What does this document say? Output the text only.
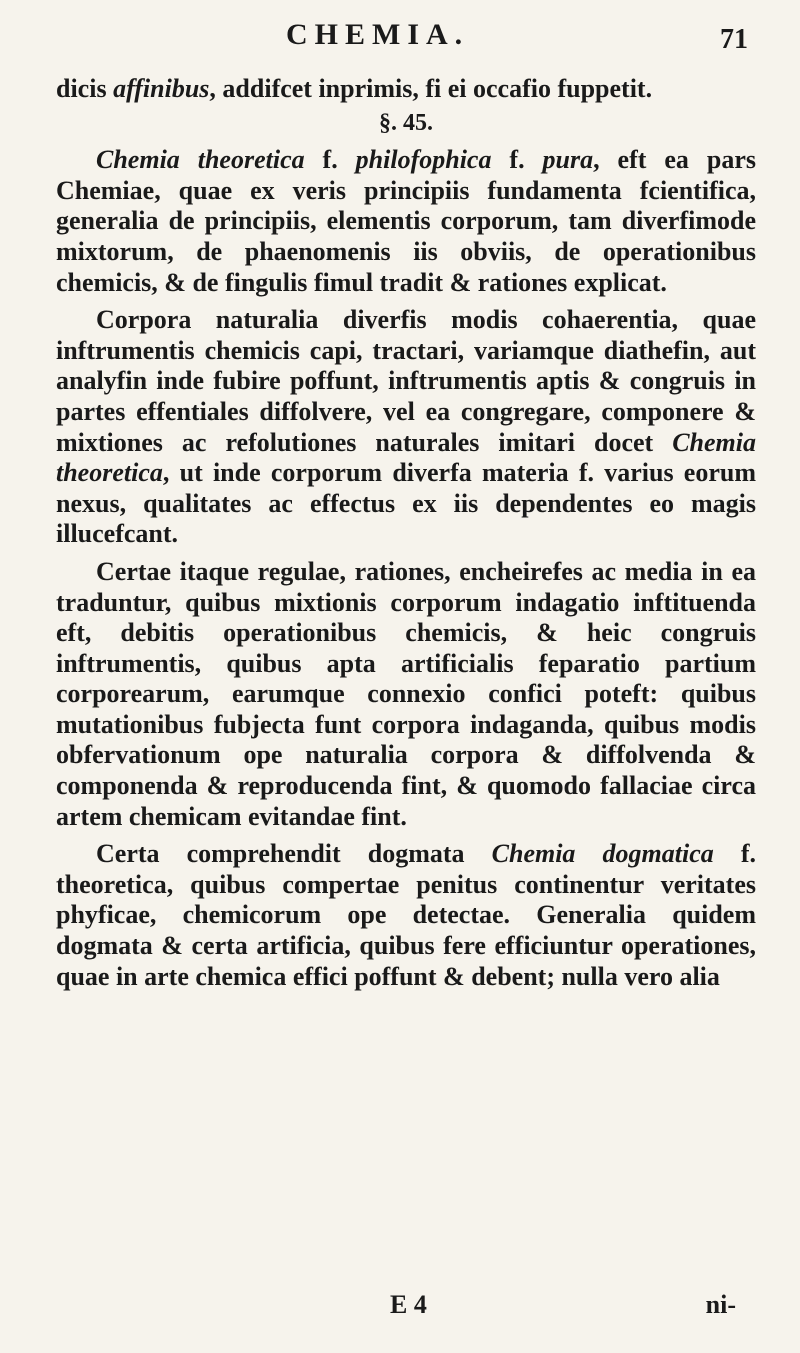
CHEMIA.	71

dicis affinibus, addifcet inprimis, fi ei occafio fuppetit.

§. 45.

Chemia theoretica f. philofophica f. pura, eft ea pars Chemiae, quae ex veris principiis fundamenta fcientifica, generalia de principiis, elementis corporum, tam diverfimode mixtorum, de phaenomenis iis obviis, de operationibus chemicis, & de fingulis fimul tradit & rationes explicat.

Corpora naturalia diverfis modis cohaerentia, quae inftrumentis chemicis capi, tractari, variamque diathefin, aut analyfin inde fubire poffunt, inftrumentis aptis & congruis in partes effentiales diffolvere, vel ea congregare, componere & mixtiones ac refolutiones naturales imitari docet Chemia theoretica, ut inde corporum diverfa materia f. varius eorum nexus, qualitates ac effectus ex iis dependentes eo magis illucefcant.

Certae itaque regulae, rationes, encheirefes ac media in ea traduntur, quibus mixtionis corporum indagatio inftituenda eft, debitis operationibus chemicis, & heic congruis inftrumentis, quibus apta artificialis feparatio partium corporearum, earumque connexio confici poteft: quibus mutationibus fubjecta funt corpora indaganda, quibus modis obfervationum ope naturalia corpora & diffolvenda & componenda & reproducenda fint, & quomodo fallaciae circa artem chemicam evitandae fint.

Certa comprehendit dogmata Chemia dogmatica f. theoretica, quibus compertae penitus continentur veritates phyficae, chemicorum ope detectae. Generalia quidem dogmata & certa artificia, quibus fere efficiuntur operationes, quae in arte chemica effici poffunt & debent; nulla vero alia

E 4	ni-
